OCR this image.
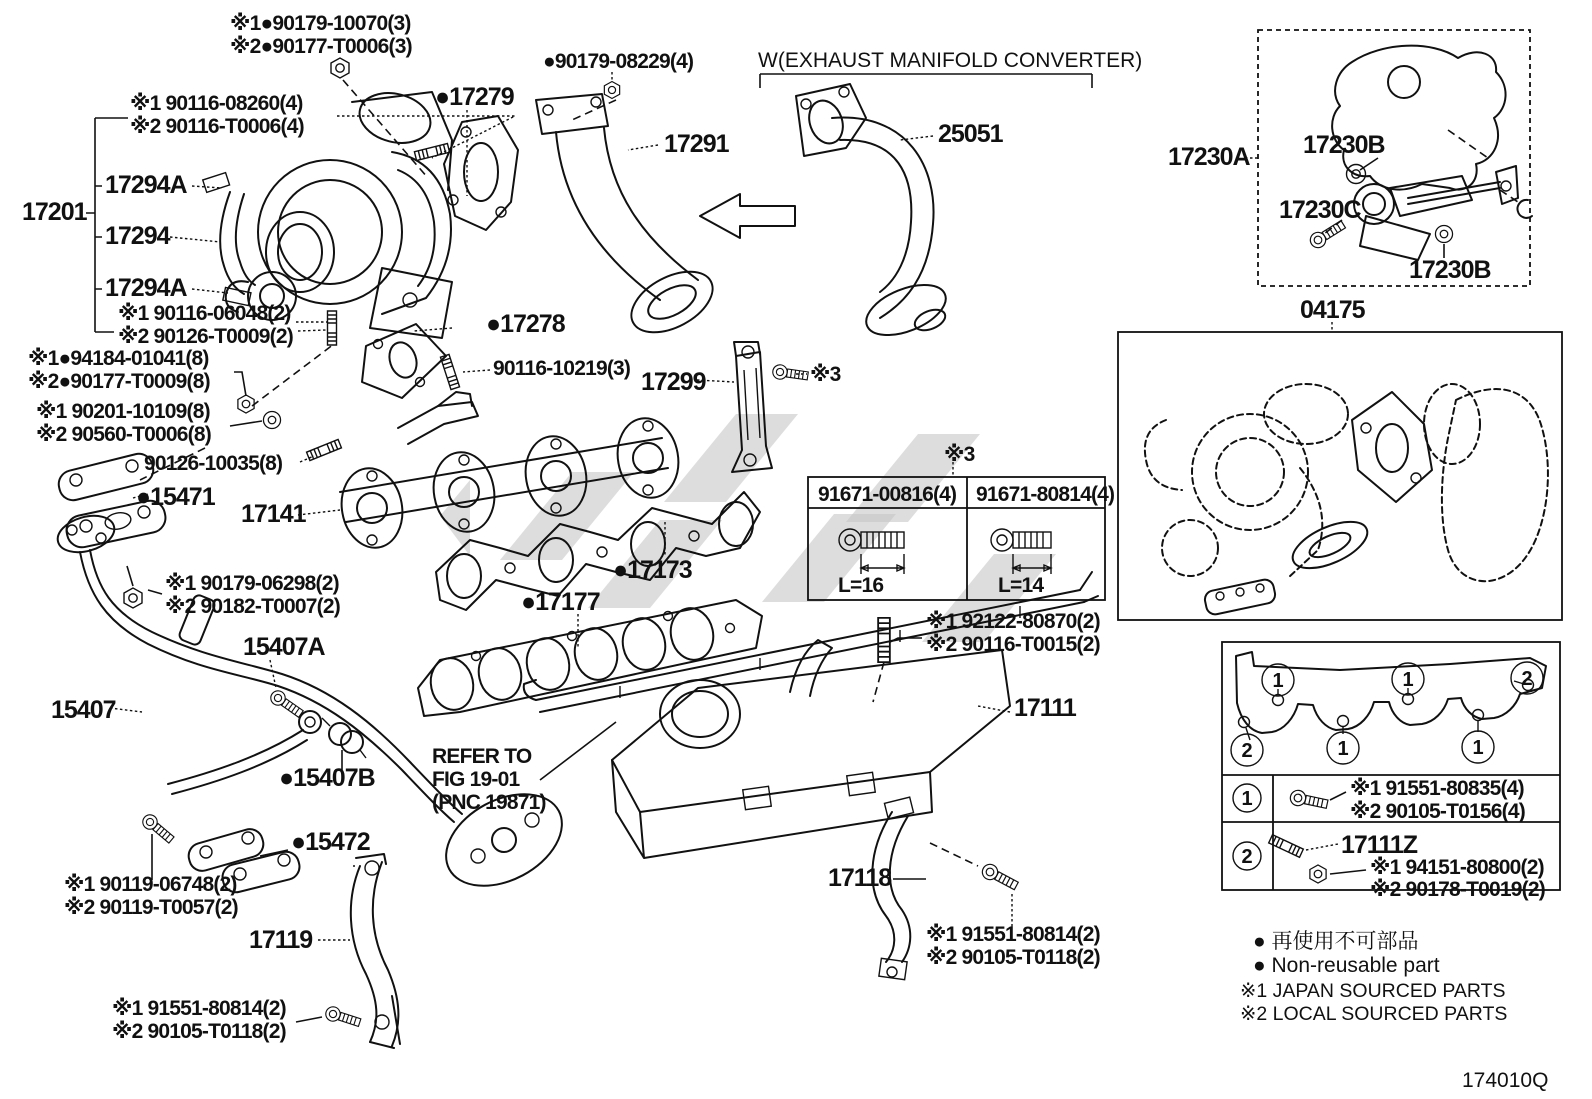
91671-00816(4) 91671-80814(4)
L=16	L=14
※3
1	1	2
2	1	1
1
2
※1 91551-80835(4)
※2 90105-T0156(4)
17111Z
※1 94151-80800(2)
※2 90178-T0019(2)
※1●90179-10070(3)
※2●90177-T0006(3)
●90179-08229(4)
●17279
17291	25051
※1 90116-08260(4)
※2 90116-T0006(4)
17201
17294A
17294
17294A
※1 90116-06048(2)
※2 90126-T0009(2)
※1●94184-01041(8)
※2●90177-T0009(8)
※1 90201-10109(8)
※2 90560-T0006(8)
90126-10035(8)
●15471
17141
●17278
90116-10219(3) 17299	※3
●17173
●17177
※1 90179-06298(2)
※2 90182-T0007(2)
15407A
15407
●15407B
●15472
※1 90119-06748(2)
※2 90119-T0057(2)
17119
※1 91551-80814(2)
※2 90105-T0118(2)
REFER TO
FIG 19-01
(PNC 19871)
※1 92122-80870(2)
※2 90116-T0015(2)
17111
17118
※1 91551-80814(2)
※2 90105-T0118(2)
17230A 17230B
17230C
17230B
04175
W(EXHAUST MANIFOLD CONVERTER)
● 再使用不可部品
● Non-reusable part
※1 JAPAN SOURCED PARTS
※2 LOCAL SOURCED PARTS
174010Q
